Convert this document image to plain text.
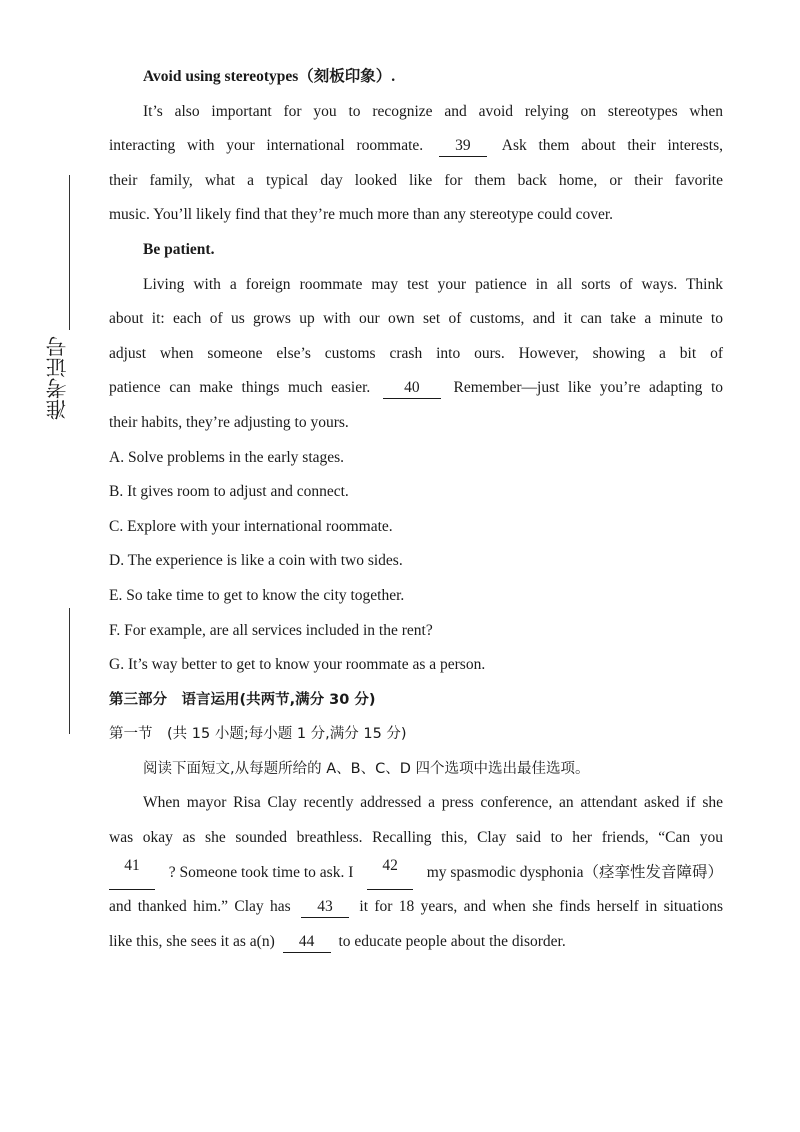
准考证号
Avoid using stereotypes（刻板印象）.
It’s also important for you to recognize and avoid relying on stereotypes when
interacting with your international roommate. 39 Ask them about their interests,
their family, what a typical day looked like for them back home, or their favorite
music. You’ll likely find that they’re much more than any stereotype could cover.
Be patient.
Living with a foreign roommate may test your patience in all sorts of ways. Think
about it: each of us grows up with our own set of customs, and it can take a minute to
adjust when someone else’s customs crash into ours. However, showing a bit of
patience can make things much easier. 40 Remember—just like you’re adapting to
their habits, they’re adjusting to yours.
A. Solve problems in the early stages.
B. It gives room to adjust and connect.
C. Explore with your international roommate.
D. The experience is like a coin with two sides.
E. So take time to get to know the city together.
F. For example, are all services included in the rent?
G. It’s way better to get to know your roommate as a person.
第三部分　语言运用(共两节,满分 30 分)
第一节　(共 15 小题;每小题 1 分,满分 15 分)
阅读下面短文,从每题所给的 A、B、C、D 四个选项中选出最佳选项。
When mayor Risa Clay recently addressed a press conference, an attendant asked if she
was okay as she sounded breathless. Recalling this, Clay said to her friends, “Can you
41	? Someone took time to ask. I	42	my spasmodic dysphonia（痉挛性发音障碍）
and thanked him.” Clay has 43 it for 18 years, and when she finds herself in situations
like this, she sees it as a(n) 44 to educate people about the disorder.
